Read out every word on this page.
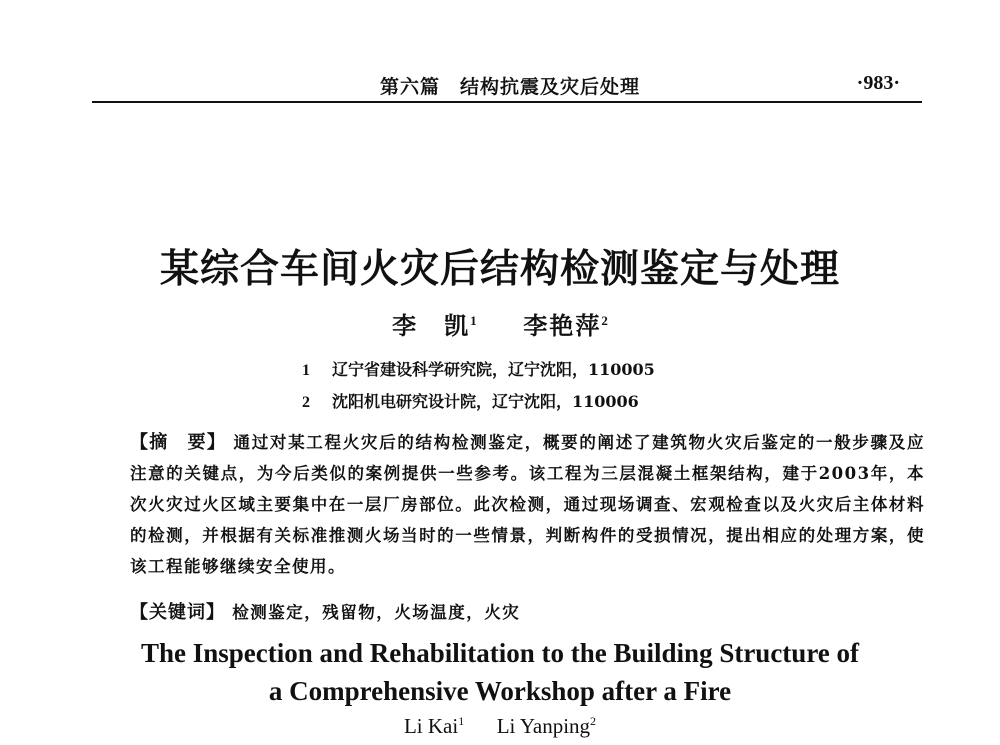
第六篇　结构抗震及灾后处理	·983·
某综合车间火灾后结构检测鉴定与处理
李　凯$^1$ 李艳萍$^2$
1 辽宁省建设科学研究院，辽宁沈阳，110005
2 沈阳机电研究设计院，辽宁沈阳，110006
【摘　要】 通过对某工程火灾后的结构检测鉴定，概要的阐述了建筑物火灾后鉴定的一般步骤及应注意的关键点，为今后类似的案例提供一些参考。该工程为三层混凝土框架结构，建于2003年，本次火灾过火区域主要集中在一层厂房部位。此次检测，通过现场调查、宏观检查以及火灾后主体材料的检测，并根据有关标准推测火场当时的一些情景，判断构件的受损情况，提出相应的处理方案，使该工程能够继续安全使用。
【关键词】 检测鉴定，残留物，火场温度，火灾
The Inspection and Rehabilitation to the Building Structure of
a Comprehensive Workshop after a Fire
Li Kai$^1$ Li Yanping$^2$
